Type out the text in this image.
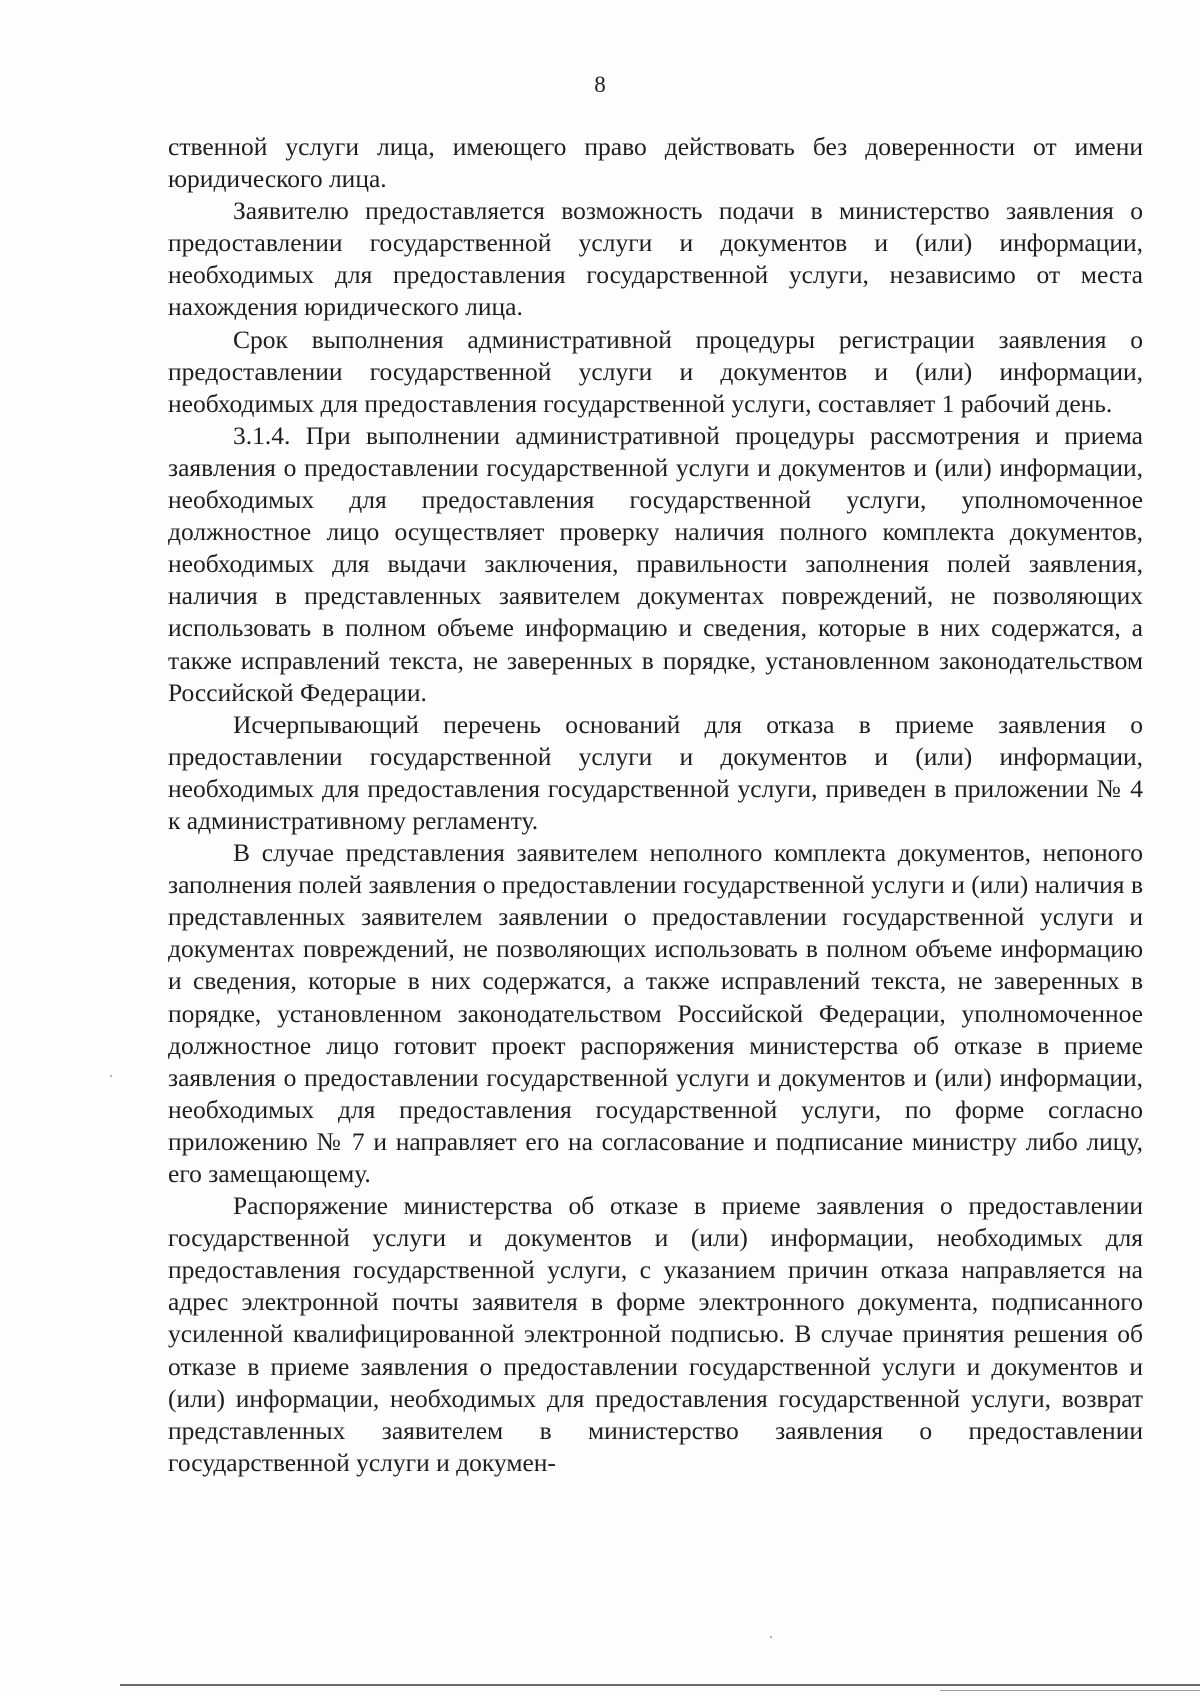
8

ственной услуги лица, имеющего право действовать без доверенности от имени юридического лица.

Заявителю предоставляется возможность подачи в министерство заявления о предоставлении государственной услуги и документов и (или) информации, необходимых для предоставления государственной услуги, независимо от места нахождения юридического лица.

Срок выполнения административной процедуры регистрации заявления о предоставлении государственной услуги и документов и (или) информации, необходимых для предоставления государственной услуги, составляет 1 рабочий день.

3.1.4. При выполнении административной процедуры рассмотрения и приема заявления о предоставлении государственной услуги и документов и (или) информации, необходимых для предоставления государственной услуги, уполномоченное должностное лицо осуществляет проверку наличия полного комплекта документов, необходимых для выдачи заключения, правильности заполнения полей заявления, наличия в представленных заявителем документах повреждений, не позволяющих использовать в полном объеме информацию и сведения, которые в них содержатся, а также исправлений текста, не заверенных в порядке, установленном законодательством Российской Федерации.

Исчерпывающий перечень оснований для отказа в приеме заявления о предоставлении государственной услуги и документов и (или) информации, необходимых для предоставления государственной услуги, приведен в приложении № 4 к административному регламенту.

В случае представления заявителем неполного комплекта документов, непоного заполнения полей заявления о предоставлении государственной услуги и (или) наличия в представленных заявителем заявлении о предоставлении государственной услуги и документах повреждений, не позволяющих использовать в полном объеме информацию и сведения, которые в них содержатся, а также исправлений текста, не заверенных в порядке, установленном законодательством Российской Федерации, уполномоченное должностное лицо готовит проект распоряжения министерства об отказе в приеме заявления о предоставлении государственной услуги и документов и (или) информации, необходимых для предоставления государственной услуги, по форме согласно приложению № 7 и направляет его на согласование и подписание министру либо лицу, его замещающему.

Распоряжение министерства об отказе в приеме заявления о предоставлении государственной услуги и документов и (или) информации, необходимых для предоставления государственной услуги, с указанием причин отказа направляется на адрес электронной почты заявителя в форме электронного документа, подписанного усиленной квалифицированной электронной подписью. В случае принятия решения об отказе в приеме заявления о предоставлении государственной услуги и документов и (или) информации, необходимых для предоставления государственной услуги, возврат представленных заявителем в министерство заявления о предоставлении государственной услуги и докумен-
